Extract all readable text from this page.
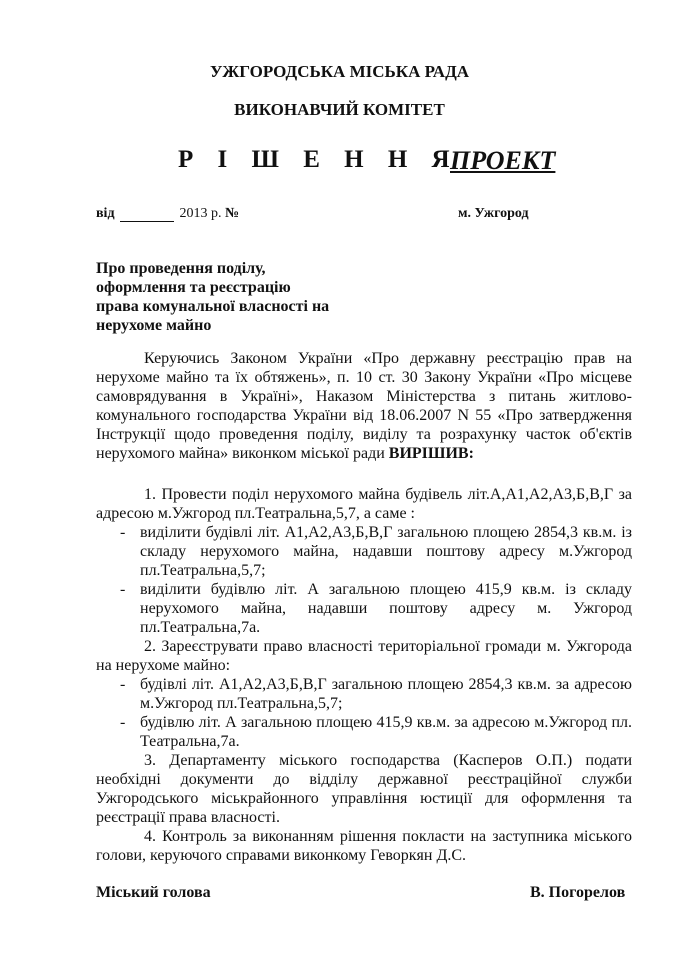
УЖГОРОДСЬКА МІСЬКА РАДА
ВИКОНАВЧИЙ КОМІТЕТ
Р І Ш Е Н Н Я
ПРОЕКТ
від	2013 р. №	м. Ужгород
Про проведення поділу,
оформлення та реєстрацію
права комунальної власності на
нерухоме майно

Керуючись Законом України «Про державну реєстрацію прав на нерухоме майно та їх обтяжень», п. 10 ст. 30 Закону України «Про місцеве самоврядування в Україні», Наказом Міністерства з питань житлово-комунального господарства України від 18.06.2007 N 55 «Про затвердження Інструкції щодо проведення поділу, виділу та розрахунку часток об'єктів нерухомого майна» виконком міської ради ВИРІШИВ:

1. Провести поділ нерухомого майна будівель літ.А,А1,А2,А3,Б,В,Г за адресою м.Ужгород пл.Театральна,5,7, а саме :

- виділити будівлі літ. А1,А2,А3,Б,В,Г загальною площею 2854,3 кв.м. із складу нерухомого майна, надавши поштову адресу м.Ужгород пл.Театральна,5,7;
- виділити будівлю літ. А загальною площею 415,9 кв.м. із складу нерухомого майна, надавши поштову адресу м. Ужгород пл.Театральна,7а.

2. Зареєструвати право власності територіальної громади м. Ужгорода на нерухоме майно:

- будівлі літ. А1,А2,А3,Б,В,Г загальною площею 2854,3 кв.м. за адресою м.Ужгород пл.Театральна,5,7;
- будівлю літ. А загальною площею 415,9 кв.м. за адресою м.Ужгород пл. Театральна,7а.

3. Департаменту міського господарства (Касперов О.П.) подати необхідні документи до відділу державної реєстраційної служби Ужгородського міськрайонного управління юстиції для оформлення та реєстрації права власності.

4. Контроль за виконанням рішення покласти на заступника міського голови, керуючого справами виконкому Геворкян Д.С.

Міський голова	В. Погорелов
